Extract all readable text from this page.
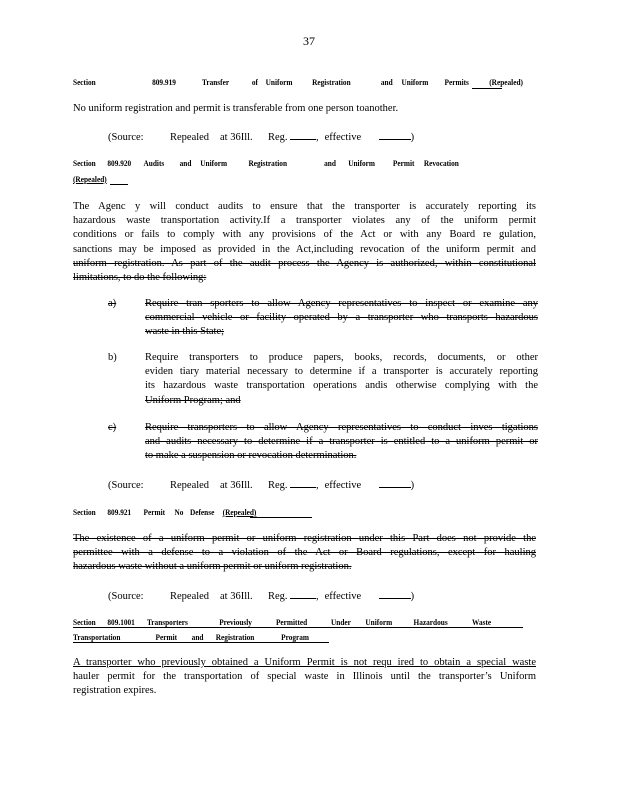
37
Section	809.919	Transfer	of Uniform Registration	and Uniform Permits (Repealed)
No uniform registration and permit is transferable from one person toanother.
(Source:	Repealed at 36Ill. Reg.	, effective	)
Section 809.920 Audits and Uniform	Registration	and Uniform Permit Revocation
(Repealed)
The Agenc y will conduct audits to ensure that the transporter is accurately reporting its
hazardous waste transportation activity.If a transporter violates any of the uniform permit
conditions or fails to comply with any provisions of the Act or with any Board re gulation,
sanctions may be imposed as provided in the Act,including revocation of the uniform permit and
uniform registration. As part of the audit process the Agency is authorized, within constitutional
limitations, to do the following:
a)	Require tran sporters to allow Agency representatives to inspect or examine any
commercial vehicle or facility operated by a transporter who transports hazardous
waste in this State;
b)	Require transporters to produce papers, books, records, documents, or other
eviden tiary material necessary to determine if a transporter is accurately reporting
its hazardous waste transportation operations andis otherwise complying with the
Uniform Program; and
c)	Require transporters to allow Agency representatives to conduct inves tigations
and audits necessary to determine if a transporter is entitled to a uniform permit or
to make a suspension or revocation determination.
(Source:	Repealed at 36Ill. Reg.	, effective	)
Section 809.921 Permit No Defense (Repealed)
The existence of a uniform permit or uniform registration under this Part does not provide the
permittee with a defense to a violation of the Act or Board regulations, except for hauling
hazardous waste without a uniform permit or uniform registration.
(Source:	Repealed at 36Ill. Reg.	, effective	)
Section 809.1001 Transporters	Previously	Permitted	Under Uniform	Hazardous	Waste
Transportation	Permit and Registration	Program
A transporter who previously obtained a Uniform Permit is not requ ired to obtain a special waste
hauler permit for the transportation of special waste in Illinois until the transporter’s Uniform
registration expires.
